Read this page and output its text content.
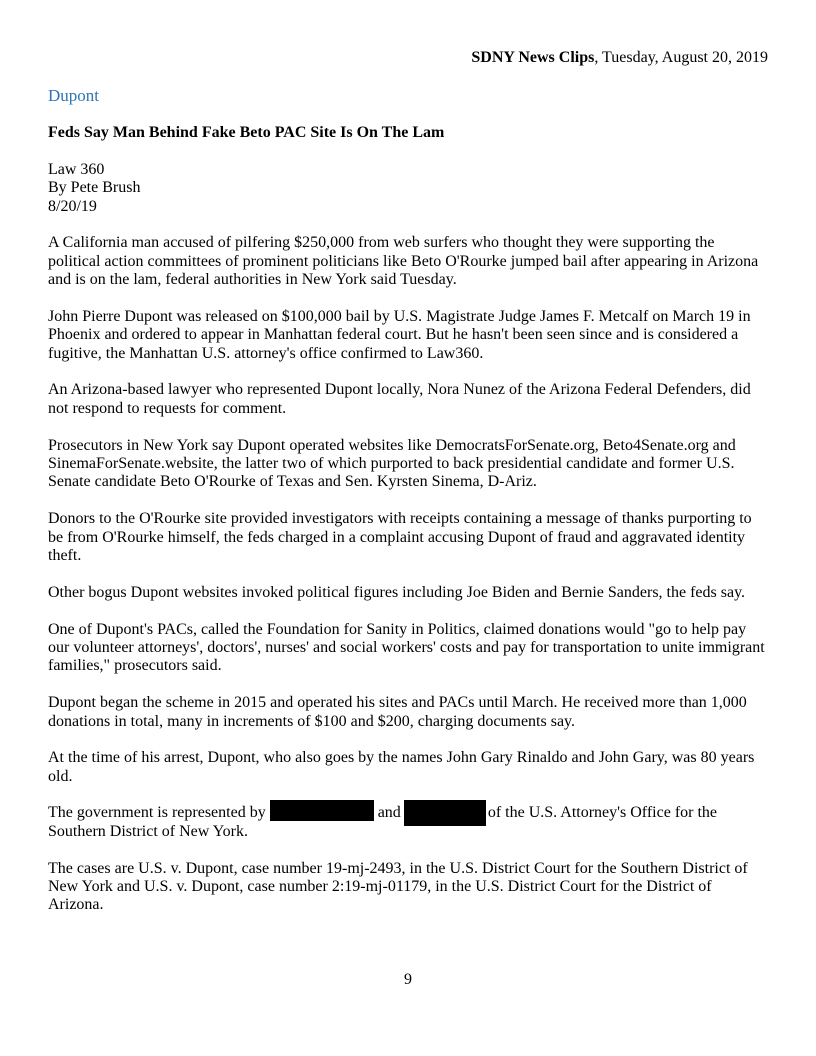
SDNY News Clips, Tuesday, August 20, 2019
Dupont
Feds Say Man Behind Fake Beto PAC Site Is On The Lam
Law 360
By Pete Brush
8/20/19
A California man accused of pilfering $250,000 from web surfers who thought they were supporting the
political action committees of prominent politicians like Beto O'Rourke jumped bail after appearing in Arizona
and is on the lam, federal authorities in New York said Tuesday.
John Pierre Dupont was released on $100,000 bail by U.S. Magistrate Judge James F. Metcalf on March 19 in
Phoenix and ordered to appear in Manhattan federal court. But he hasn't been seen since and is considered a
fugitive, the Manhattan U.S. attorney's office confirmed to Law360.
An Arizona-based lawyer who represented Dupont locally, Nora Nunez of the Arizona Federal Defenders, did
not respond to requests for comment.
Prosecutors in New York say Dupont operated websites like DemocratsForSenate.org, Beto4Senate.org and
SinemaForSenate.website, the latter two of which purported to back presidential candidate and former U.S.
Senate candidate Beto O'Rourke of Texas and Sen. Kyrsten Sinema, D-Ariz.
Donors to the O'Rourke site provided investigators with receipts containing a message of thanks purporting to
be from O'Rourke himself, the feds charged in a complaint accusing Dupont of fraud and aggravated identity
theft.
Other bogus Dupont websites invoked political figures including Joe Biden and Bernie Sanders, the feds say.
One of Dupont's PACs, called the Foundation for Sanity in Politics, claimed donations would "go to help pay
our volunteer attorneys', doctors', nurses' and social workers' costs and pay for transportation to unite immigrant
families," prosecutors said.
Dupont began the scheme in 2015 and operated his sites and PACs until March. He received more than 1,000
donations in total, many in increments of $100 and $200, charging documents say.
At the time of his arrest, Dupont, who also goes by the names John Gary Rinaldo and John Gary, was 80 years
old.
The government is represented by	and	of the U.S. Attorney's Office for the
Southern District of New York.
The cases are U.S. v. Dupont, case number 19-mj-2493, in the U.S. District Court for the Southern District of
New York and U.S. v. Dupont, case number 2:19-mj-01179, in the U.S. District Court for the District of
Arizona.
9
